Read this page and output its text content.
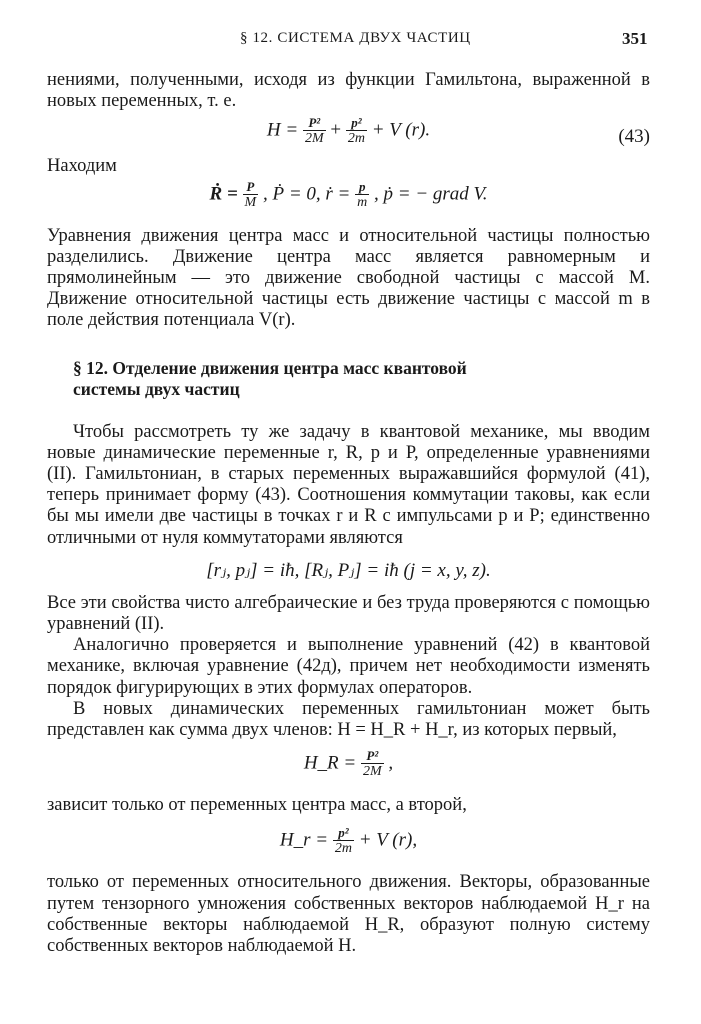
§ 12. СИСТЕМА ДВУХ ЧАСТИЦ	351

нениями, полученными, исходя из функции Гамильтона, выраженной в новых переменных, т. е.

$H = \frac{\text{P²}}{2M} + \frac{\text{p²}}{2m} + V$ (r).	(43)

Находим

Ṙ = $\frac{P}{M}$ , Ṗ = 0, ṙ = $\frac{p}{m}$ , ṗ = − grad V.

Уравнения движения центра масс и относительной частицы полностью разделились. Движение центра масс является равномерным и прямолинейным — это движение свободной частицы с массой M. Движение относительной частицы есть движение частицы с массой m в поле действия потенциала V(r).

§ 12. Отделение движения центра масс квантовой
системы двух частиц

Чтобы рассмотреть ту же задачу в квантовой механике, мы вводим новые динамические переменные r, R, p и P, определенные уравнениями (II). Гамильтониан, в старых переменных выражавшийся формулой (41), теперь принимает форму (43). Соотношения коммутации таковы, как если бы мы имели две частицы в точках r и R с импульсами p и P; единственно отличными от нуля коммутаторами являются

[rⱼ, pⱼ] = iħ, [Rⱼ, Pⱼ] = iħ (j = x, y, z).

Все эти свойства чисто алгебраические и без труда проверяются с помощью уравнений (II).

Аналогично проверяется и выполнение уравнений (42) в квантовой механике, включая уравнение (42д), причем нет необходимости изменять порядок фигурирующих в этих формулах операторов.

В новых динамических переменных гамильтониан может быть представлен как сумма двух членов: H = H_R + H_r, из которых первый,

H_R = $\frac{\text{P²}}{2M}$ ,

зависит только от переменных центра масс, а второй,

H_r = $\frac{\text{p²}}{2m} + V$ (r),

только от переменных относительного движения. Векторы, образованные путем тензорного умножения собственных векторов наблюдаемой H_r на собственные векторы наблюдаемой H_R, образуют полную систему собственных векторов наблюдаемой H.
